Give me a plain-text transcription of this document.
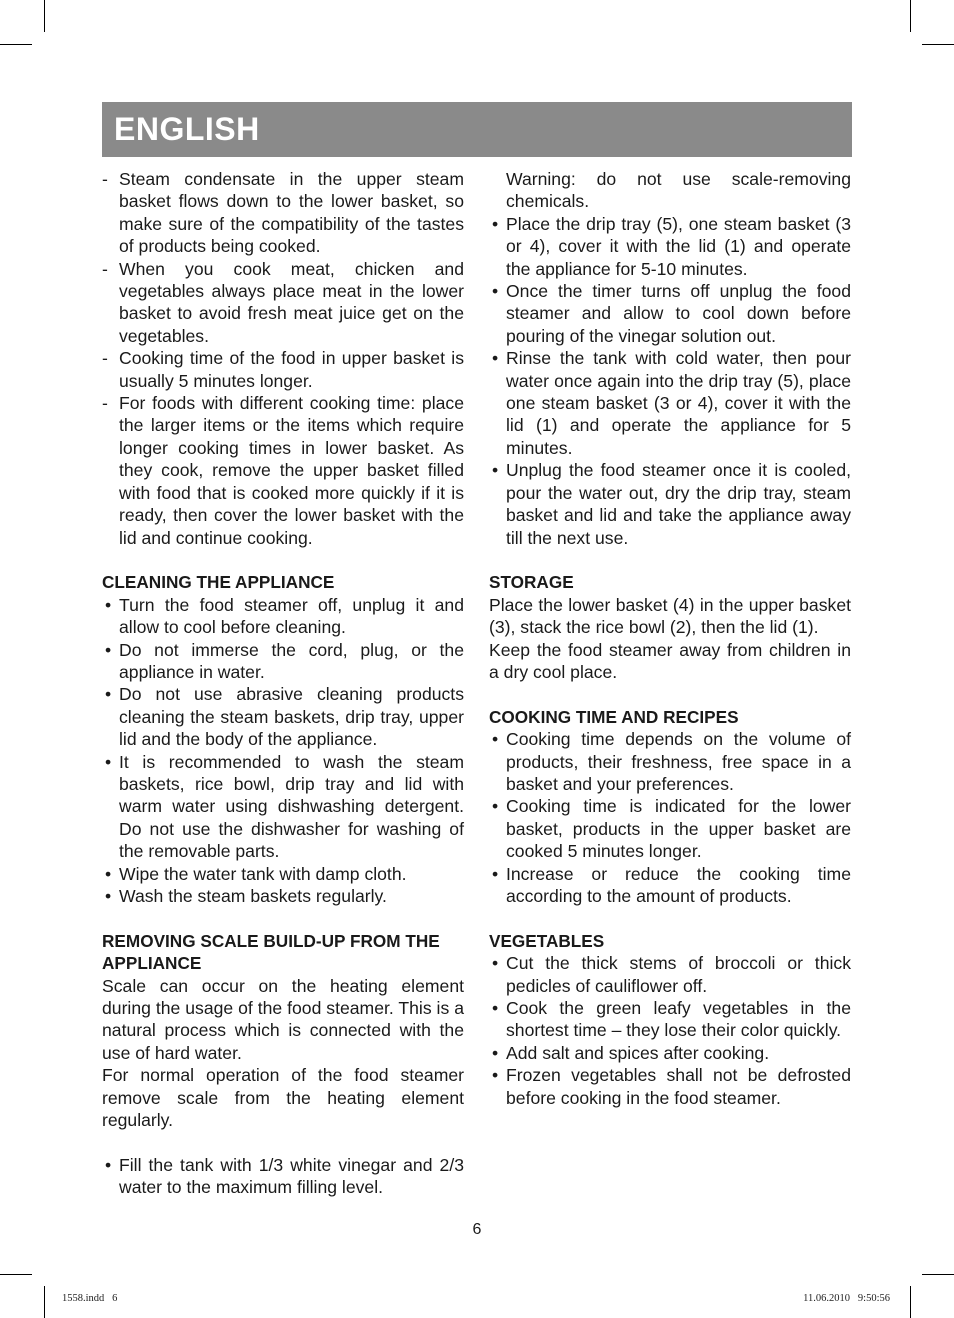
ENGLISH
- Steam condensate in the upper steam basket flows down to the lower basket, so make sure of the compatibility of the tastes of products being cooked.
- When you cook meat, chicken and vegetables always place meat in the lower basket to avoid fresh meat juice get on the vegetables.
- Cooking time of the food in upper basket is usually 5 minutes longer.
- For foods with different cooking time: place the larger items or the items which require longer cooking times in lower basket. As they cook, remove the upper basket filled with food that is cooked more quickly if it is ready, then cover the lower basket with the lid and continue cooking.

CLEANING THE APPLIANCE

• Turn the food steamer off, unplug it and allow to cool before cleaning.
• Do not immerse the cord, plug, or the appliance in water.
• Do not use abrasive cleaning products cleaning the steam baskets, drip tray, upper lid and the body of the appliance.
• It is recommended to wash the steam baskets, rice bowl, drip tray and lid with warm water using dishwashing detergent. Do not use the dishwasher for washing of the removable parts.
• Wipe the water tank with damp cloth.
• Wash the steam baskets regularly.

REMOVING SCALE BUILD-UP FROM THE APPLIANCE

Scale can occur on the heating element during the usage of the food steamer. This is a natural process which is connected with the use of hard water.

For normal operation of the food steamer remove scale from the heating element regularly.

• Fill the tank with 1/3 white vinegar and 2/3 water to the maximum filling level.

Warning: do not use scale-removing chemicals.

• Place the drip tray (5), one steam basket (3 or 4), cover it with the lid (1) and operate the appliance for 5-10 minutes.
• Once the timer turns off unplug the food steamer and allow to cool down before pouring of the vinegar solution out.
• Rinse the tank with cold water, then pour water once again into the drip tray (5), place one steam basket (3 or 4), cover it with the lid (1) and operate the appliance for 5 minutes.
• Unplug the food steamer once it is cooled, pour the water out, dry the drip tray, steam basket and lid and take the appliance away till the next use.

STORAGE

Place the lower basket (4) in the upper basket (3), stack the rice bowl (2), then the lid (1).

Keep the food steamer away from children in a dry cool place.

COOKING TIME AND RECIPES

• Cooking time depends on the volume of products, their freshness, free space in a basket and your preferences.
• Cooking time is indicated for the lower basket, products in the upper basket are cooked 5 minutes longer.
• Increase or reduce the cooking time according to the amount of products.

VEGETABLES

• Cut the thick stems of broccoli or thick pedicles of cauliflower off.
• Cook the green leafy vegetables in the shortest time – they lose their color quickly.
• Add salt and spices after cooking.
• Frozen vegetables shall not be defrosted before cooking in the food steamer.
6
1558.indd   6	11.06.2010   9:50:56
